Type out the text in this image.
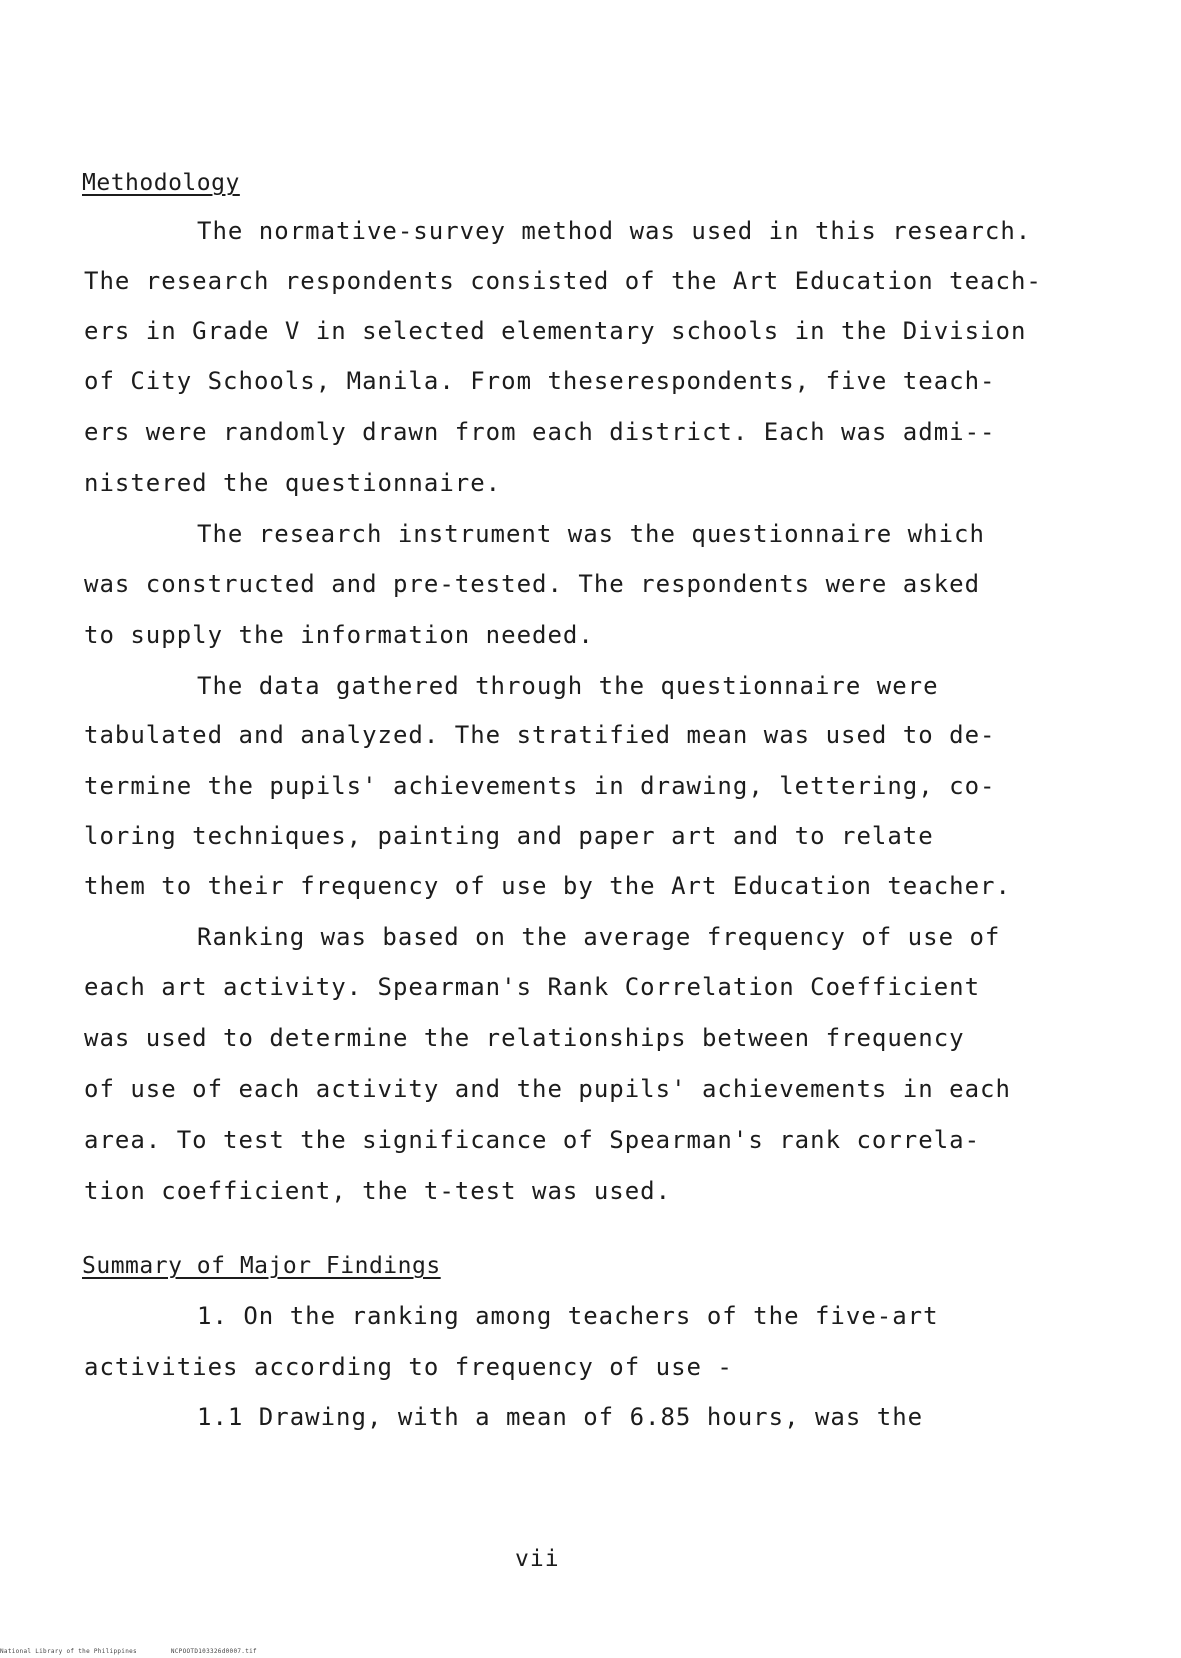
Methodology
The normative-survey method was used in this research.
The research respondents consisted of the Art Education teach-
ers in Grade V in selected elementary schools in the Division
of City Schools, Manila. From theserespondents, five teach-
ers were randomly drawn from each district. Each was admi--
nistered the questionnaire.
The research instrument was the questionnaire which
was constructed and pre-tested. The respondents were asked
to supply the information needed.
The data gathered through the questionnaire were
tabulated and analyzed. The stratified mean was used to de-
termine the pupils' achievements in drawing, lettering, co-
loring techniques, painting and paper art and to relate
them to their frequency of use by the Art Education teacher.
Ranking was based on the average frequency of use of
each art activity. Spearman's Rank Correlation Coefficient
was used to determine the relationships between frequency
of use of each activity and the pupils' achievements in each
area. To test the significance of Spearman's rank correla-
tion coefficient, the t-test was used.
Summary of Major Findings
1. On the ranking among teachers of the five-art
activities according to frequency of use -
1.1 Drawing, with a mean of 6.85 hours, was the
vii
National Library of the Philippines	NCPOOTD103326d0007.tif
